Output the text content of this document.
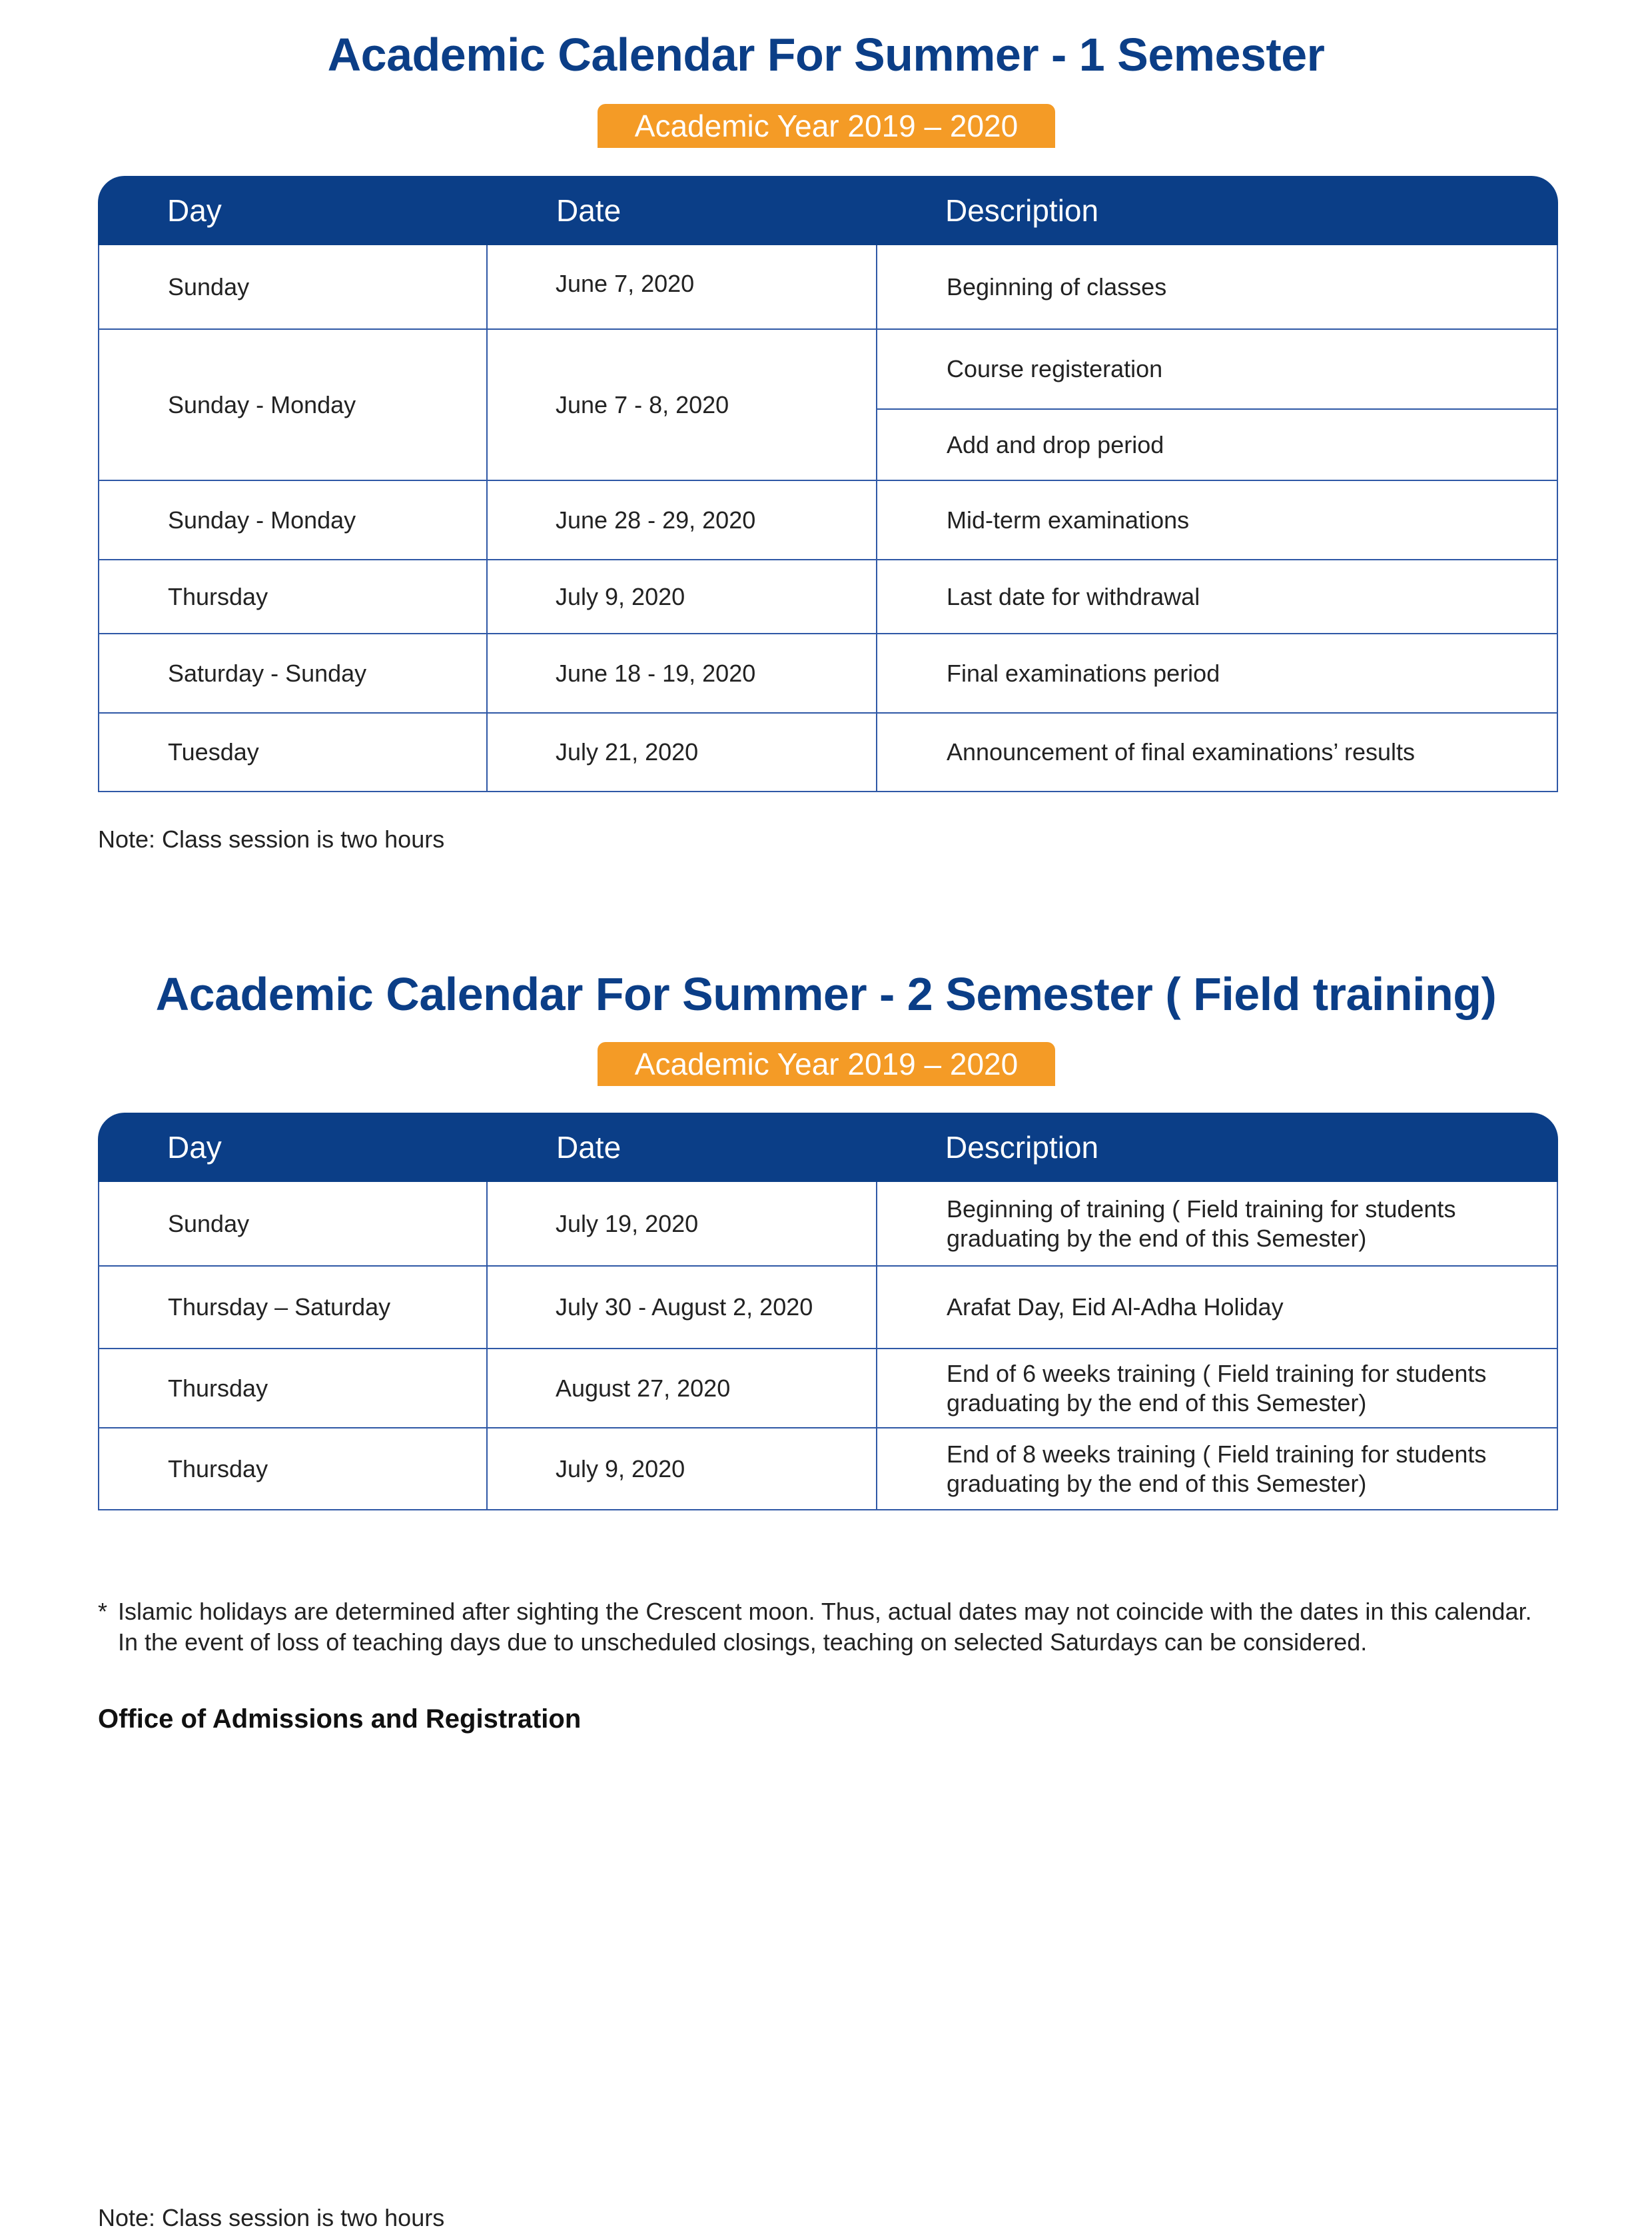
Academic Calendar For Summer - 1 Semester
Academic Year 2019 – 2020
Day	Date	Description
Sunday	June 7, 2020	Beginning of classes
Sunday - Monday	June 7 - 8, 2020	Course registeration
		Add and drop period
Sunday - Monday	June 28 - 29, 2020	Mid-term examinations
Thursday	July 9, 2020	Last date for withdrawal
Saturday - Sunday	June 18 - 19, 2020	Final examinations period
Tuesday	July 21, 2020	Announcement of final examinations’ results
Note: Class session is two hours
Academic Calendar For Summer - 2 Semester ( Field training)
Academic Year 2019 – 2020
Day	Date	Description
Sunday	July 19, 2020	Beginning of training ( Field training for students
graduating by the end of this Semester)

Thursday – Saturday	July 30 - August 2, 2020	Arafat Day, Eid Al-Adha Holiday

Thursday	August 27, 2020	End of 6 weeks training ( Field training for students
graduating by the end of this Semester)

Thursday	July 9, 2020	End of 8 weeks training ( Field training for students
graduating by the end of this Semester)
Note: Class session is two hours
* Islamic holidays are determined after sighting the Crescent moon. Thus, actual dates may not coincide with the dates in this calendar.
In the event of loss of teaching days due to unscheduled closings, teaching on selected Saturdays can be considered.
Office of Admissions and Registration
